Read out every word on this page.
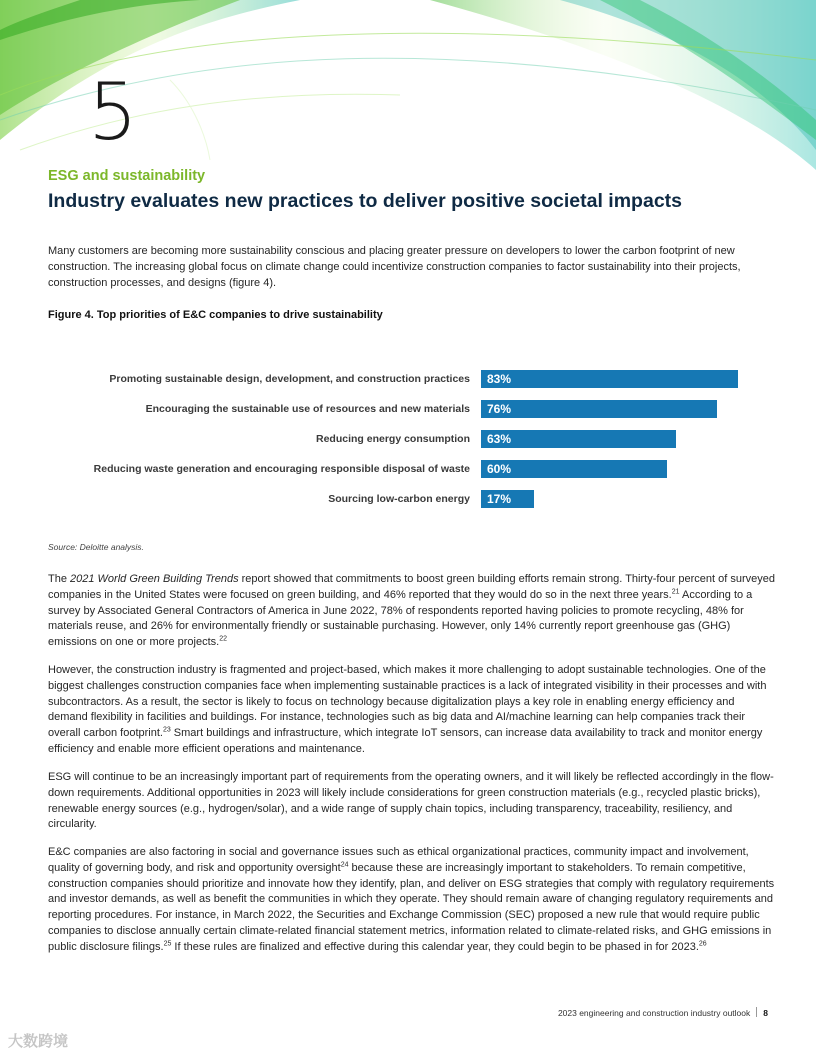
5

ESG and sustainability

Industry evaluates new practices to deliver positive societal impacts

Many customers are becoming more sustainability conscious and placing greater pressure on developers to lower the carbon footprint of new construction. The increasing global focus on climate change could incentivize construction companies to factor sustainability into their projects, construction processes, and designs (figure 4).

Figure 4. Top priorities of E&C companies to drive sustainability

Promoting sustainable design, development, and construction practices 83%
Encouraging the sustainable use of resources and new materials 76%
Reducing energy consumption 63%
Reducing waste generation and encouraging responsible disposal of waste 60%
Sourcing low-carbon energy 17%

Source: Deloitte analysis.

The 2021 World Green Building Trends report showed that commitments to boost green building efforts remain strong. Thirty-four percent of surveyed companies in the United States were focused on green building, and 46% reported that they would do so in the next three years.$^{21}$ According to a survey by Associated General Contractors of America in June 2022, 78% of respondents reported having policies to promote recycling, 48% for materials reuse, and 26% for environmentally friendly or sustainable purchasing. However, only 14% currently report greenhouse gas (GHG) emissions on one or more projects.$^{22}$

However, the construction industry is fragmented and project-based, which makes it more challenging to adopt sustainable technologies. One of the biggest challenges construction companies face when implementing sustainable practices is a lack of integrated visibility in their processes and with subcontractors. As a result, the sector is likely to focus on technology because digitalization plays a key role in enabling energy efficiency and demand flexibility in facilities and buildings. For instance, technologies such as big data and AI/machine learning can help companies track their overall carbon footprint.$^{23}$ Smart buildings and infrastructure, which integrate IoT sensors, can increase data availability to track and monitor energy efficiency and enable more efficient operations and maintenance.

ESG will continue to be an increasingly important part of requirements from the operating owners, and it will likely be reflected accordingly in the flow-down requirements. Additional opportunities in 2023 will likely include considerations for green construction materials (e.g., recycled plastic bricks), renewable energy sources (e.g., hydrogen/solar), and a wide range of supply chain topics, including transparency, traceability, resiliency, and circularity.

E&C companies are also factoring in social and governance issues such as ethical organizational practices, community impact and involvement, quality of governing body, and risk and opportunity oversight$^{24}$ because these are increasingly important to stakeholders. To remain competitive, construction companies should prioritize and innovate how they identify, plan, and deliver on ESG strategies that comply with regulatory requirements and investor demands, as well as benefit the communities in which they operate. They should remain aware of changing regulatory requirements and reporting procedures. For instance, in March 2022, the Securities and Exchange Commission (SEC) proposed a new rule that would require public companies to disclose annually certain climate-related financial statement metrics, information related to climate-related risks, and GHG emissions in public disclosure filings.$^{25}$ If these rules are finalized and effective during this calendar year, they could begin to be phased in for 2023.26

2023 engineering and construction industry outlook 8

大数跨境
